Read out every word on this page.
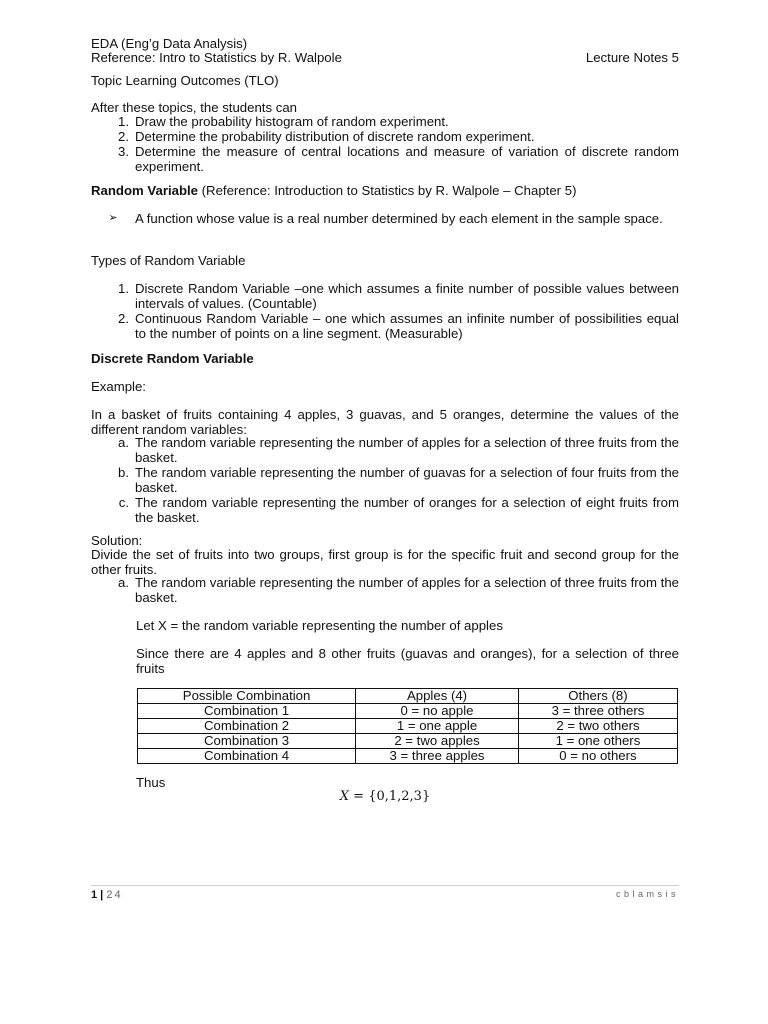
EDA (Eng’g Data Analysis)
Reference: Intro to Statistics by R. Walpole	Lecture Notes 5
Topic Learning Outcomes (TLO)
After these topics, the students can
1. Draw the probability histogram of random experiment.
2. Determine the probability distribution of discrete random experiment.
3. Determine the measure of central locations and measure of variation of discrete random experiment.
Random Variable (Reference: Introduction to Statistics by R. Walpole – Chapter 5)
➢	A function whose value is a real number determined by each element in the sample space.
Types of Random Variable
1. Discrete Random Variable –one which assumes a finite number of possible values between intervals of values. (Countable)
2. Continuous Random Variable – one which assumes an infinite number of possibilities equal to the number of points on a line segment. (Measurable)
Discrete Random Variable
Example:
In a basket of fruits containing 4 apples, 3 guavas, and 5 oranges, determine the values of the different random variables:
a. The random variable representing the number of apples for a selection of three fruits from the basket.
b. The random variable representing the number of guavas for a selection of four fruits from the basket.
c. The random variable representing the number of oranges for a selection of eight fruits from the basket.
Solution:
Divide the set of fruits into two groups, first group is for the specific fruit and second group for the other fruits.
a. The random variable representing the number of apples for a selection of three fruits from the basket.
Let X = the random variable representing the number of apples
Since there are 4 apples and 8 other fruits (guavas and oranges), for a selection of three fruits
Possible Combination	Apples (4)	Others (8)
Combination 1	0 = no apple	3 = three others
Combination 2	1 = one apple	2 = two others
Combination 3	2 = two apples	1 = one others
Combination 4	3 = three apples	0 = no others
Thus
X = {0,1,2,3}
1 | 24	cblamsis
